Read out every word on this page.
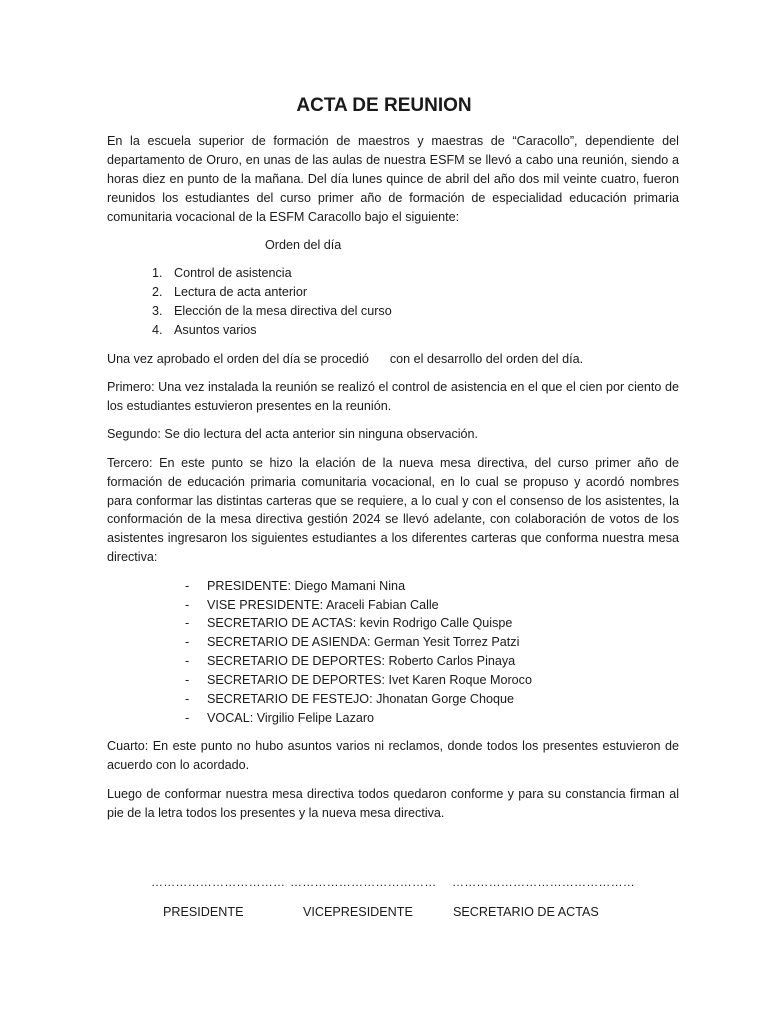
ACTA DE REUNION

En la escuela superior de formación de maestros y maestras de “Caracollo”, dependiente del departamento de Oruro, en unas de las aulas de nuestra ESFM se llevó a cabo una reunión, siendo a horas diez en punto de la mañana. Del día lunes quince de abril del año dos mil veinte cuatro, fueron reunidos los estudiantes del curso primer año de formación de especialidad educación primaria comunitaria vocacional de la ESFM Caracollo bajo el siguiente:

Orden del día

1. Control de asistencia
2. Lectura de acta anterior
3. Elección de la mesa directiva del curso
4. Asuntos varios

Una vez aprobado el orden del día se procedió      con el desarrollo del orden del día.

Primero: Una vez instalada la reunión se realizó el control de asistencia en el que el cien por ciento de los estudiantes estuvieron presentes en la reunión.

Segundo: Se dio lectura del acta anterior sin ninguna observación.

Tercero: En este punto se hizo la elación de la nueva mesa directiva, del curso primer año de formación de educación primaria comunitaria vocacional, en lo cual se propuso y acordó nombres para conformar las distintas carteras que se requiere, a lo cual y con el consenso de los asistentes, la conformación de la mesa directiva gestión 2024 se llevó adelante, con colaboración de votos de los asistentes ingresaron los siguientes estudiantes a los diferentes carteras que conforma nuestra mesa directiva:

- PRESIDENTE: Diego Mamani Nina
- VISE PRESIDENTE: Araceli Fabian Calle
- SECRETARIO DE ACTAS: kevin Rodrigo Calle Quispe
- SECRETARIO DE ASIENDA: German Yesit Torrez Patzi
- SECRETARIO DE DEPORTES: Roberto Carlos Pinaya
- SECRETARIO DE DEPORTES: Ivet Karen Roque Moroco
- SECRETARIO DE FESTEJO: Jhonatan Gorge Choque
- VOCAL: Virgilio Felipe Lazaro

Cuarto: En este punto no hubo asuntos varios ni reclamos, donde todos los presentes estuvieron de acuerdo con lo acordado.

Luego de conformar nuestra mesa directiva todos quedaron conforme y para su constancia firman al pie de la letra todos los presentes y la nueva mesa directiva.

…………………………… ……………………………… ………………………………………
PRESIDENTE	VICEPRESIDENTE	SECRETARIO DE ACTAS
